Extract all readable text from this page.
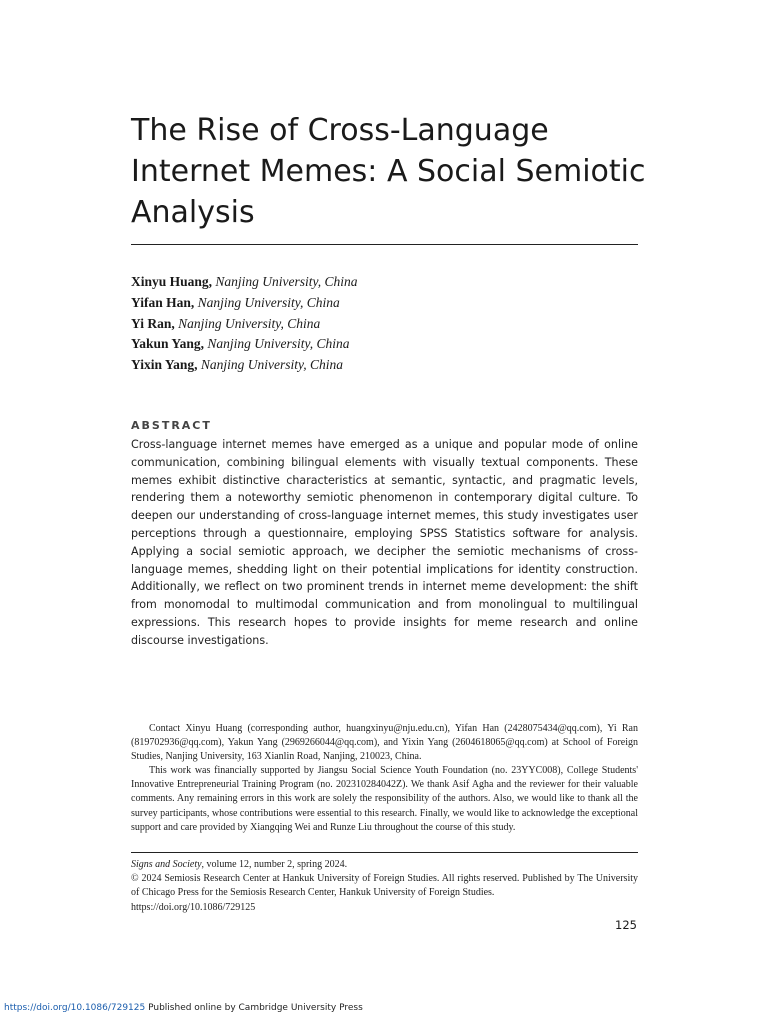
The Rise of Cross-Language Internet Memes: A Social Semiotic Analysis
Xinyu Huang, Nanjing University, China
Yifan Han, Nanjing University, China
Yi Ran, Nanjing University, China
Yakun Yang, Nanjing University, China
Yixin Yang, Nanjing University, China
ABSTRACT

Cross-language internet memes have emerged as a unique and popular mode of online communication, combining bilingual elements with visually textual components. These memes exhibit distinctive characteristics at semantic, syntactic, and pragmatic levels, rendering them a noteworthy semiotic phenomenon in contemporary digital culture. To deepen our understanding of cross-language internet memes, this study investigates user perceptions through a questionnaire, employing SPSS Statistics software for analysis. Applying a social semiotic approach, we decipher the semiotic mechanisms of cross-language memes, shedding light on their potential implications for identity construction. Additionally, we reflect on two prominent trends in internet meme development: the shift from monomodal to multimodal communication and from monolingual to multilingual expressions. This research hopes to provide insights for meme research and online discourse investigations.

Contact Xinyu Huang (corresponding author, huangxinyu@nju.edu.cn), Yifan Han (2428075434@qq.com), Yi Ran (819702936@qq.com), Yakun Yang (2969266044@qq.com), and Yixin Yang (2604618065@qq.com) at School of Foreign Studies, Nanjing University, 163 Xianlin Road, Nanjing, 210023, China.

This work was financially supported by Jiangsu Social Science Youth Foundation (no. 23YYC008), College Students' Innovative Entrepreneurial Training Program (no. 202310284042Z). We thank Asif Agha and the reviewer for their valuable comments. Any remaining errors in this work are solely the responsibility of the authors. Also, we would like to thank all the survey participants, whose contributions were essential to this research. Finally, we would like to acknowledge the exceptional support and care provided by Xiangqing Wei and Runze Liu throughout the course of this study.

Signs and Society, volume 12, number 2, spring 2024.

© 2024 Semiosis Research Center at Hankuk University of Foreign Studies. All rights reserved. Published by The University of Chicago Press for the Semiosis Research Center, Hankuk University of Foreign Studies.

https://doi.org/10.1086/729125

125
https://doi.org/10.1086/729125 Published online by Cambridge University Press
